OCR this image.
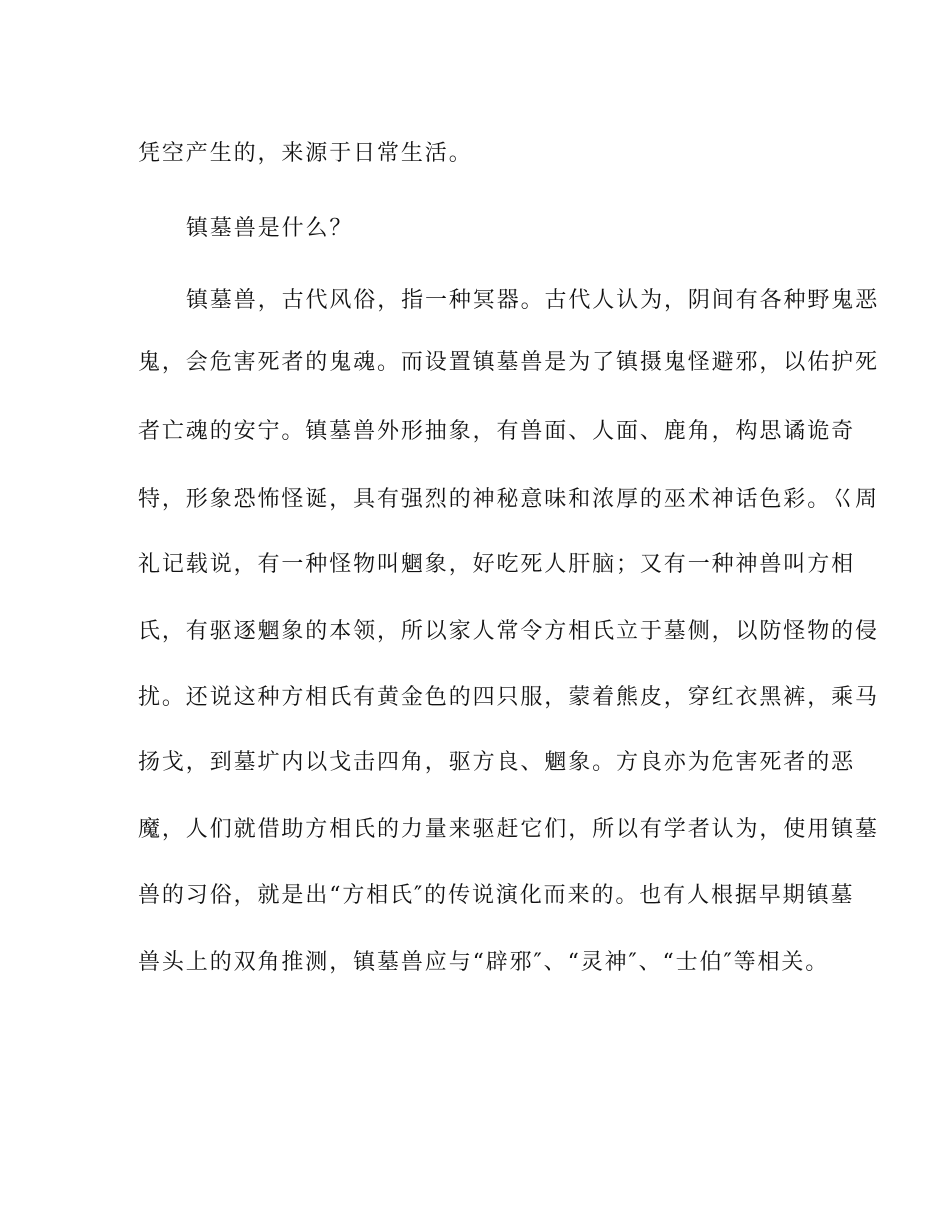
凭空产生的，来源于日常生活。
镇墓兽是什么？
镇墓兽，古代风俗，指一种冥器。古代人认为，阴间有各种野鬼恶
鬼，会危害死者的鬼魂。而设置镇墓兽是为了镇摄鬼怪避邪，以佑护死
者亡魂的安宁。镇墓兽外形抽象，有兽面、人面、鹿角，构思谲诡奇
特，形象恐怖怪诞，具有强烈的神秘意味和浓厚的巫术神话色彩。巜周
礼记载说，有一种怪物叫魍象，好吃死人肝脑；又有一种神兽叫方相
氏，有驱逐魍象的本领，所以家人常令方相氏立于墓侧，以防怪物的侵
扰。还说这种方相氏有黄金色的四只服，蒙着熊皮，穿红衣黑裤，乘马
扬戈，到墓圹内以戈击四角，驱方良、魍象。方良亦为危害死者的恶
魔，人们就借助方相氏的力量来驱赶它们，所以有学者认为，使用镇墓
兽的习俗，就是出“方相氏″的传说演化而来的。也有人根据早期镇墓
兽头上的双角推测，镇墓兽应与“辟邪″、“灵神″、“士伯″等相关。
